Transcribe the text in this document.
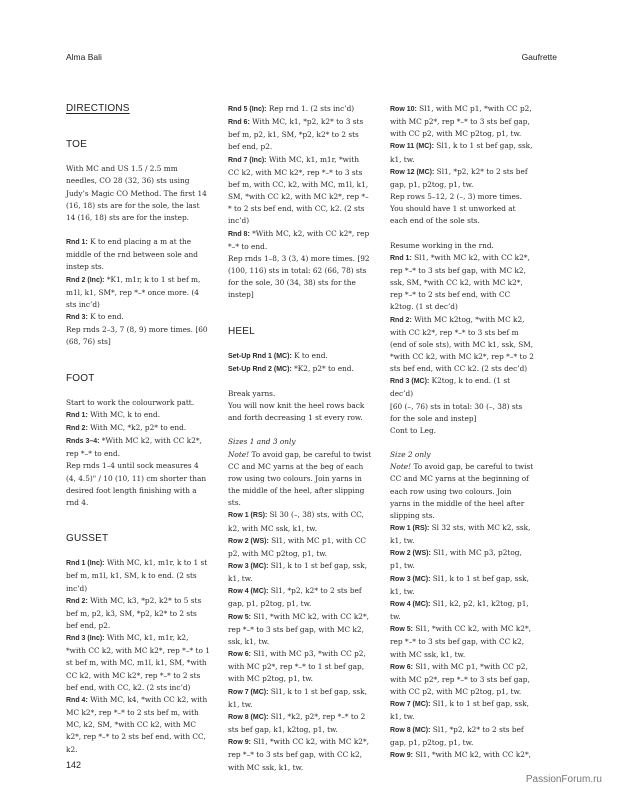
Alma Bali	Gaufrette

DIRECTIONS

TOE

With MC and US 1.5 / 2.5 mm needles, CO 28 (32, 36) sts using Judy’s Magic CO Method. The first 14 (16, 18) sts are for the sole, the last 14 (16, 18) sts are for the instep.

Rnd 1: K to end placing a m at the middle of the rnd between sole and instep sts.

Rnd 2 (Inc): *K1, m1r, k to 1 st bef m, m1l, k1, SM*, rep *–* once more. (4 sts inc’d)

Rnd 3: K to end.

Rep rnds 2–3, 7 (8, 9) more times. [60 (68, 76) sts]

FOOT

Start to work the colourwork patt.

Rnd 1: With MC, k to end.

Rnd 2: With MC, *k2, p2* to end.

Rnds 3–4: *With MC k2, with CC k2*, rep *–* to end.

Rep rnds 1–4 until sock measures 4 (4, 4.5)" / 10 (10, 11) cm shorter than desired foot length finishing with a rnd 4.

GUSSET

Rnd 1 (Inc): With MC, k1, m1r, k to 1 st bef m, m1l, k1, SM, k to end. (2 sts inc’d)

Rnd 2: With MC, k3, *p2, k2* to 5 sts bef m, p2, k3, SM, *p2, k2* to 2 sts bef end, p2.

Rnd 3 (Inc): With MC, k1, m1r, k2, *with CC k2, with MC k2*, rep *–* to 1 st bef m, with MC, m1l, k1, SM, *with CC k2, with MC k2*, rep *–* to 2 sts bef end, with CC, k2. (2 sts inc’d)

Rnd 4: With MC, k4, *with CC k2, with MC k2*, rep *–* to 2 sts bef m, with MC, k2, SM, *with CC k2, with MC k2*, rep *–* to 2 sts bef end, with CC, k2.

Rnd 5 (Inc): Rep rnd 1. (2 sts inc’d)

Rnd 6: With MC, k1, *p2, k2* to 3 sts bef m, p2, k1, SM, *p2, k2* to 2 sts bef end, p2.

Rnd 7 (Inc): With MC, k1, m1r, *with CC k2, with MC k2*, rep *–* to 3 sts bef m, with CC, k2, with MC, m1l, k1, SM, *with CC k2, with MC k2*, rep *–* to 2 sts bef end, with CC, k2. (2 sts inc’d)

Rnd 8: *With MC, k2, with CC k2*, rep *–* to end.

Rep rnds 1–8, 3 (3, 4) more times. [92 (100, 116) sts in total: 62 (66, 78) sts for the sole, 30 (34, 38) sts for the instep]

HEEL

Set-Up Rnd 1 (MC): K to end.

Set-Up Rnd 2 (MC): *K2, p2* to end.

Break yarns.

You will now knit the heel rows back and forth decreasing 1 st every row.

Sizes 1 and 3 only

Note! To avoid gap, be careful to twist CC and MC yarns at the beg of each row using two colours. Join yarns in the middle of the heel, after slipping sts.

Row 1 (RS): Sl 30 (–, 38) sts, with CC, k2, with MC ssk, k1, tw.

Row 2 (WS): Sl1, with MC p1, with CC p2, with MC p2tog, p1, tw.

Row 3 (MC): Sl1, k to 1 st bef gap, ssk, k1, tw.

Row 4 (MC): Sl1, *p2, k2* to 2 sts bef gap, p1, p2tog, p1, tw.

Row 5: Sl1, *with MC k2, with CC k2*, rep *–* to 3 sts bef gap, with MC k2, ssk, k1, tw.

Row 6: Sl1, with MC p3, *with CC p2, with MC p2*, rep *–* to 1 st bef gap, with MC p2tog, p1, tw.

Row 7 (MC): Sl1, k to 1 st bef gap, ssk, k1, tw.

Row 8 (MC): Sl1, *k2, p2*, rep *–* to 2 sts bef gap, k1, k2tog, p1, tw.

Row 9: Sl1, *with CC k2, with MC k2*, rep *–* to 3 sts bef gap, with CC k2, with MC ssk, k1, tw.

Row 10: Sl1, with MC p1, *with CC p2, with MC p2*, rep *–* to 3 sts bef gap, with CC p2, with MC p2tog, p1, tw.

Row 11 (MC): Sl1, k to 1 st bef gap, ssk, k1, tw.

Row 12 (MC): Sl1, *p2, k2* to 2 sts bef gap, p1, p2tog, p1, tw.

Rep rows 5–12, 2 (–, 3) more times. You should have 1 st unworked at each end of the sole sts.

Resume working in the rnd.

Rnd 1: Sl1, *with MC k2, with CC k2*, rep *–* to 3 sts bef gap, with MC k2, ssk, SM, *with CC k2, with MC k2*, rep *–* to 2 sts bef end, with CC k2tog. (1 st dec’d)

Rnd 2: With MC k2tog, *with MC k2, with CC k2*, rep *–* to 3 sts bef m (end of sole sts), with MC k1, ssk, SM, *with CC k2, with MC k2*, rep *–* to 2 sts bef end, with CC k2. (2 sts dec’d)

Rnd 3 (MC): K2tog, k to end. (1 st dec’d)

[60 (–, 76) sts in total: 30 (–, 38) sts for the sole and instep]

Cont to Leg.

Size 2 only

Note! To avoid gap, be careful to twist CC and MC yarns at the beginning of each row using two colours. Join yarns in the middle of the heel after slipping sts.

Row 1 (RS): Sl 32 sts, with MC k2, ssk, k1, tw.

Row 2 (WS): Sl1, with MC p3, p2tog, p1, tw.

Row 3 (MC): Sl1, k to 1 st bef gap, ssk, k1, tw.

Row 4 (MC): Sl1, k2, p2, k1, k2tog, p1, tw.

Row 5: Sl1, *with CC k2, with MC k2*, rep *–* to 3 sts bef gap, with CC k2, with MC ssk, k1, tw.

Row 6: Sl1, with MC p1, *with CC p2, with MC p2*, rep *–* to 3 sts bef gap, with CC p2, with MC p2tog, p1, tw.

Row 7 (MC): Sl1, k to 1 st bef gap, ssk, k1, tw.

Row 8 (MC): Sl1, *p2, k2* to 2 sts bef gap, p1, p2tog, p1, tw.

Row 9: Sl1, *with MC k2, with CC k2*,

142
PassionForum.ru
